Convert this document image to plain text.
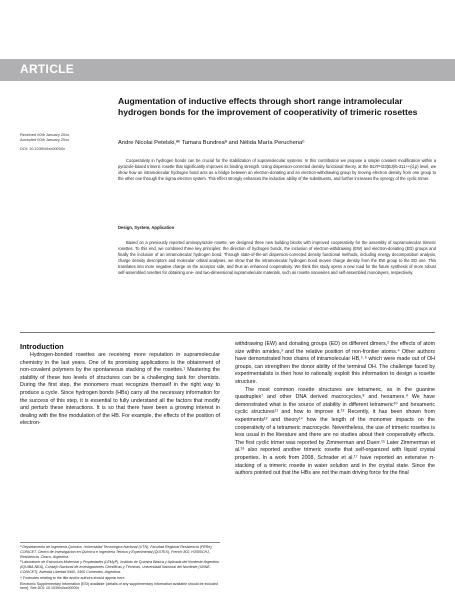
ARTICLE
Received 00th January 20xx,
Accepted 00th January 20xx
DOI: 10.1039/x0xx00000x
Augmentation of inductive effects through short range intramolecular hydrogen bonds for the improvement of cooperativity of trimeric rosettes
Andre Nicolai Petelski,ªᵇ Tamara Bundreaª and Nélida María Peruchenaᵇ

Cooperativity in hydrogen bonds can be crucial for the stabilization of supramolecular systems. In this contribution we propose a simple covalent modification within a pyrazole-based trimeric rosette that significantly improves its binding strength. Using dispersion-corrected density functional theory, at the BLYP-D3(BJ)/6-311++(d,p) level, we show how an intramolecular hydrogen bond acts as a bridge between an electron-donating and an electron-withdrawing group by moving electron density from one group to the other one through the sigma electron system. This effect strongly enhances the inductive ability of the substituents, and further increases the synergy of the cyclic trimer.

Design, System, Application

Based on a previously reported aminopyrazole rosette, we designed three new building blocks with improved cooperativity for the assembly of supramolecular trimeric rosettes. To this end, we combined three key principles: the direction of hydrogen bonds, the inclusion of electron-withdrawing (EW) and electron-donating (ED) groups and finally the inclusion of an intramolecular hydrogen bond. Through state-of-the-art dispersion-corrected density functional methods, including energy decomposition analysis, charge density descriptors and molecular orbital analyses, we show that the intramolecular hydrogen bond moves charge density from the EW group to the ED one. This translates into more negative charge on the acceptor side, and thus an enhanced cooperativity. We think this study opens a new road for the future synthesis of more robust self-assembled rosettes for obtaining one- and two-dimensional supramolecular materials, such as rosette nanowires and self-assembled monolayers, respectively.

Introduction

Hydrogen-bonded rosettes are receiving more reputation in supramolecular chemistry in the last years. One of its promising applications is the obtainment of non-covalent polymers by the spontaneous stacking of the rosettes.¹ Mastering the stability of these two levels of structures can be a challenging task for chemists. During the first step, the monomers must recognize themself in the right way to produce a cycle. Since hydrogen bonds (HBs) carry all the necessary information for the success of this step, it is essential to fully understand all the factors that modify and perturb these interactions. It is so that there have been a growing interest in dealing with the fine modulation of the HB. For example, the effects of the position of electron-

withdrawing (EW) and donating groups (ED) on different dimers,² the effects of atom size within amides,³ and the relative position of non-frontier atoms.⁴ Other authors have demonstrated how chains of intramolecular HB,⁵˒⁶ which were made out of OH groups, can strengthen the donor ability of the terminal OH. The challenge faced by experimentalists is then how to rationally exploit this information to design a rosette structure.

The most common rosette structures are tetrameric, as in the guanine quadruplex⁷ and other DNA derived macrocycles,⁸ and hexamers.⁹ We have demonstrated what is the source of stability in different tetrameric¹⁰ and hexameric cyclic structures¹¹ and how to improve it.¹² Recently, it has been shown from experiments¹³ and theory¹⁴ how the length of the monomer impacts on the cooperativity of a tetrameric macrocycle. Nevertheless, the use of trimeric rosettes is less usual in the literature and there are no studies about their cooperativity effects. The first cyclic trimer was reported by Zimmerman and Duerr.¹⁵ Later Zimmerman et al.¹⁶ also reported another trimeric rosette that self-organized with liquid crystal properties. In a work from 2008, Schrader et al.¹⁷ have reported an extensive π-stacking of a trimeric rosette in water solution and in the crystal state. Since the authors pointed out that the HBs are not the main driving force for the final

ª Departamento de Ingeniería Química, Universidad Tecnológica Nacional (UTN), Facultad Regional Resistencia (FRRe), CONICET, Centro de Investigación en Química e Ingeniería Teórica y Experimental (QUITEX), French 802, H3500CHJ, Resistencia, Chaco, Argentina.

ᵇ Laboratorio de Estructura Molecular y Propiedades (LEMyP), Instituto de Química Básica y Aplicada del Nordeste Argentino (IQUIBA-NEA), Consejo Nacional de Investigaciones Científicas y Técnicas, Universidad Nacional del Nordeste (UNNE-CONICET), Avenida Libertad 5460, 3400 Corrientes, Argentina.

† Footnotes relating to the title and/or authors should appear here.

Electronic Supplementary Information (ESI) available: [details of any supplementary information available should be included here]. See DOI: 10.1039/x0xx00000x
